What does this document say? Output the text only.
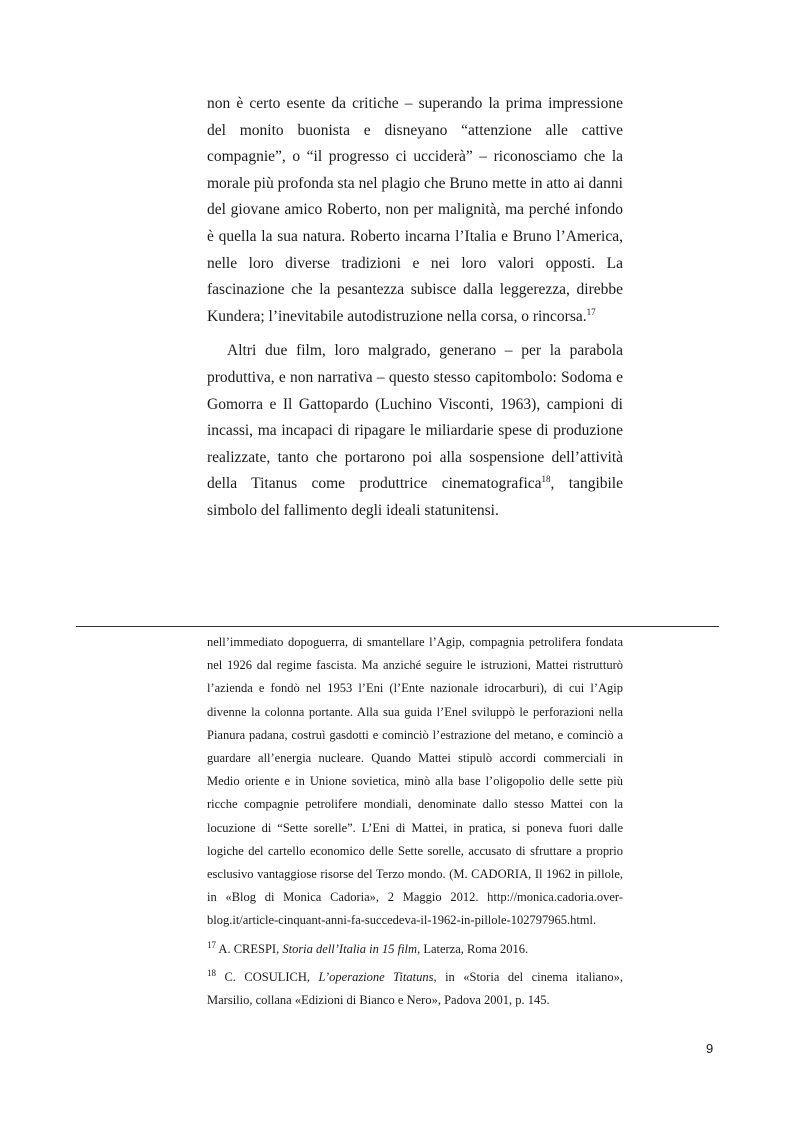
non è certo esente da critiche – superando la prima impressione del monito buonista e disneyano “attenzione alle cattive compagnie”, o “il progresso ci ucciderà” – riconosciamo che la morale più profonda sta nel plagio che Bruno mette in atto ai danni del giovane amico Roberto, non per malignità, ma perché infondo è quella la sua natura. Roberto incarna l’Italia e Bruno l’America, nelle loro diverse tradizioni e nei loro valori opposti. La fascinazione che la pesantezza subisce dalla leggerezza, direbbe Kundera; l’inevitabile autodistruzione nella corsa, o rincorsa.$^{17}$

Altri due film, loro malgrado, generano – per la parabola produttiva, e non narrativa – questo stesso capitombolo: Sodoma e Gomorra e Il Gattopardo (Luchino Visconti, 1963), campioni di incassi, ma incapaci di ripagare le miliardarie spese di produzione realizzate, tanto che portarono poi alla sospensione dell’attività della Titanus come produttrice cinematografica$^{18}$, tangibile simbolo del fallimento degli ideali statunitensi.

nell’immediato dopoguerra, di smantellare l’Agip, compagnia petrolifera fondata nel 1926 dal regime fascista. Ma anziché seguire le istruzioni, Mattei ristrutturò l’azienda e fondò nel 1953 l’Eni (l’Ente nazionale idrocarburi), di cui l’Agip divenne la colonna portante. Alla sua guida l’Enel sviluppò le perforazioni nella Pianura padana, costruì gasdotti e cominciò l’estrazione del metano, e cominciò a guardare all’energia nucleare. Quando Mattei stipulò accordi commerciali in Medio oriente e in Unione sovietica, minò alla base l’oligopolio delle sette più ricche compagnie petrolifere mondiali, denominate dallo stesso Mattei con la locuzione di “Sette sorelle”. L’Eni di Mattei, in pratica, si poneva fuori dalle logiche del cartello economico delle Sette sorelle, accusato di sfruttare a proprio esclusivo vantaggiose risorse del Terzo mondo. (M. CADORIA, Il 1962 in pillole, in «Blog di Monica Cadoria», 2 Maggio 2012. http://monica.cadoria.over-blog.it/article-cinquant-anni-fa-succedeva-il-1962-in-pillole-102797965.html.

$^{17}$ A. CRESPI, Storia dell’Italia in 15 film, Laterza, Roma 2016.

$^{18}$ C. COSULICH, L’operazione Titatuns, in «Storia del cinema italiano», Marsilio, collana «Edizioni di Bianco e Nero», Padova 2001, p. 145.

9
